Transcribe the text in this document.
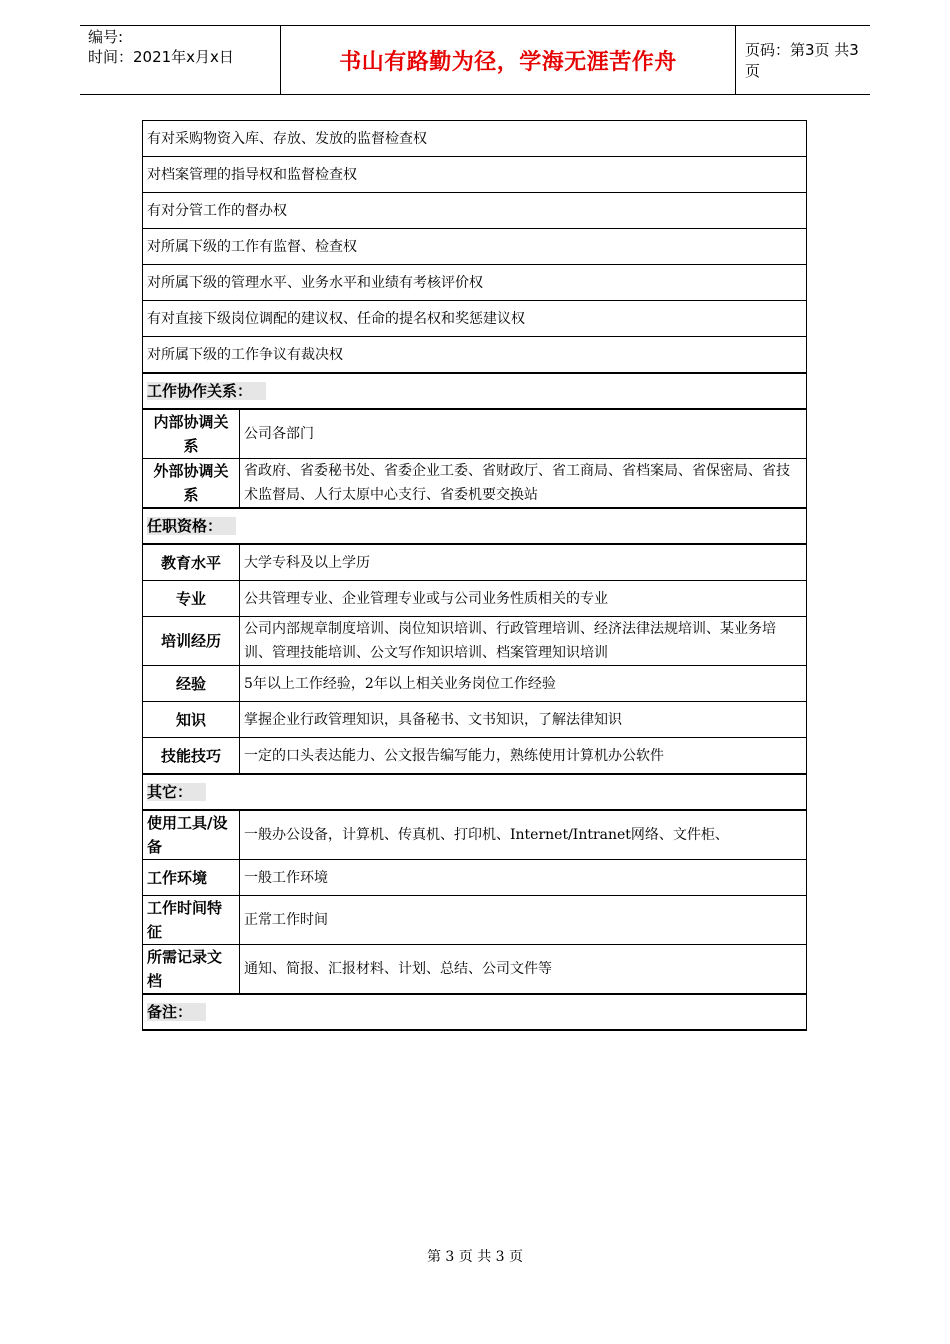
编号:
时间：2021年x月x日	书山有路勤为径，学海无涯苦作舟	页码：第3页 共3页
有对采购物资入库、存放、发放的监督检查权	
对档案管理的指导权和监督检查权	
有对分管工作的督办权	
对所属下级的工作有监督、检查权	
对所属下级的管理水平、业务水平和业绩有考核评价权	
有对直接下级岗位调配的建议权、任命的提名权和奖惩建议权	
对所属下级的工作争议有裁决权	
工作协作关系：	
内部协调关系	公司各部门
外部协调关系	省政府、省委秘书处、省委企业工委、省财政厅、省工商局、省档案局、省保密局、省技术监督局、人行太原中心支行、省委机要交换站
任职资格：	
教育水平	大学专科及以上学历
专业	公共管理专业、企业管理专业或与公司业务性质相关的专业
培训经历	公司内部规章制度培训、岗位知识培训、行政管理培训、经济法律法规培训、某业务培训、管理技能培训、公文写作知识培训、档案管理知识培训
经验	5年以上工作经验，2年以上相关业务岗位工作经验
知识	掌握企业行政管理知识，具备秘书、文书知识，了解法律知识
技能技巧	一定的口头表达能力、公文报告编写能力，熟练使用计算机办公软件
其它：	
使用工具/设备	一般办公设备，计算机、传真机、打印机、Internet/Intranet网络、文件柜、
工作环境	一般工作环境
工作时间特征	正常工作时间
所需记录文档	通知、简报、汇报材料、计划、总结、公司文件等
备注：	
第 3 页 共 3 页
